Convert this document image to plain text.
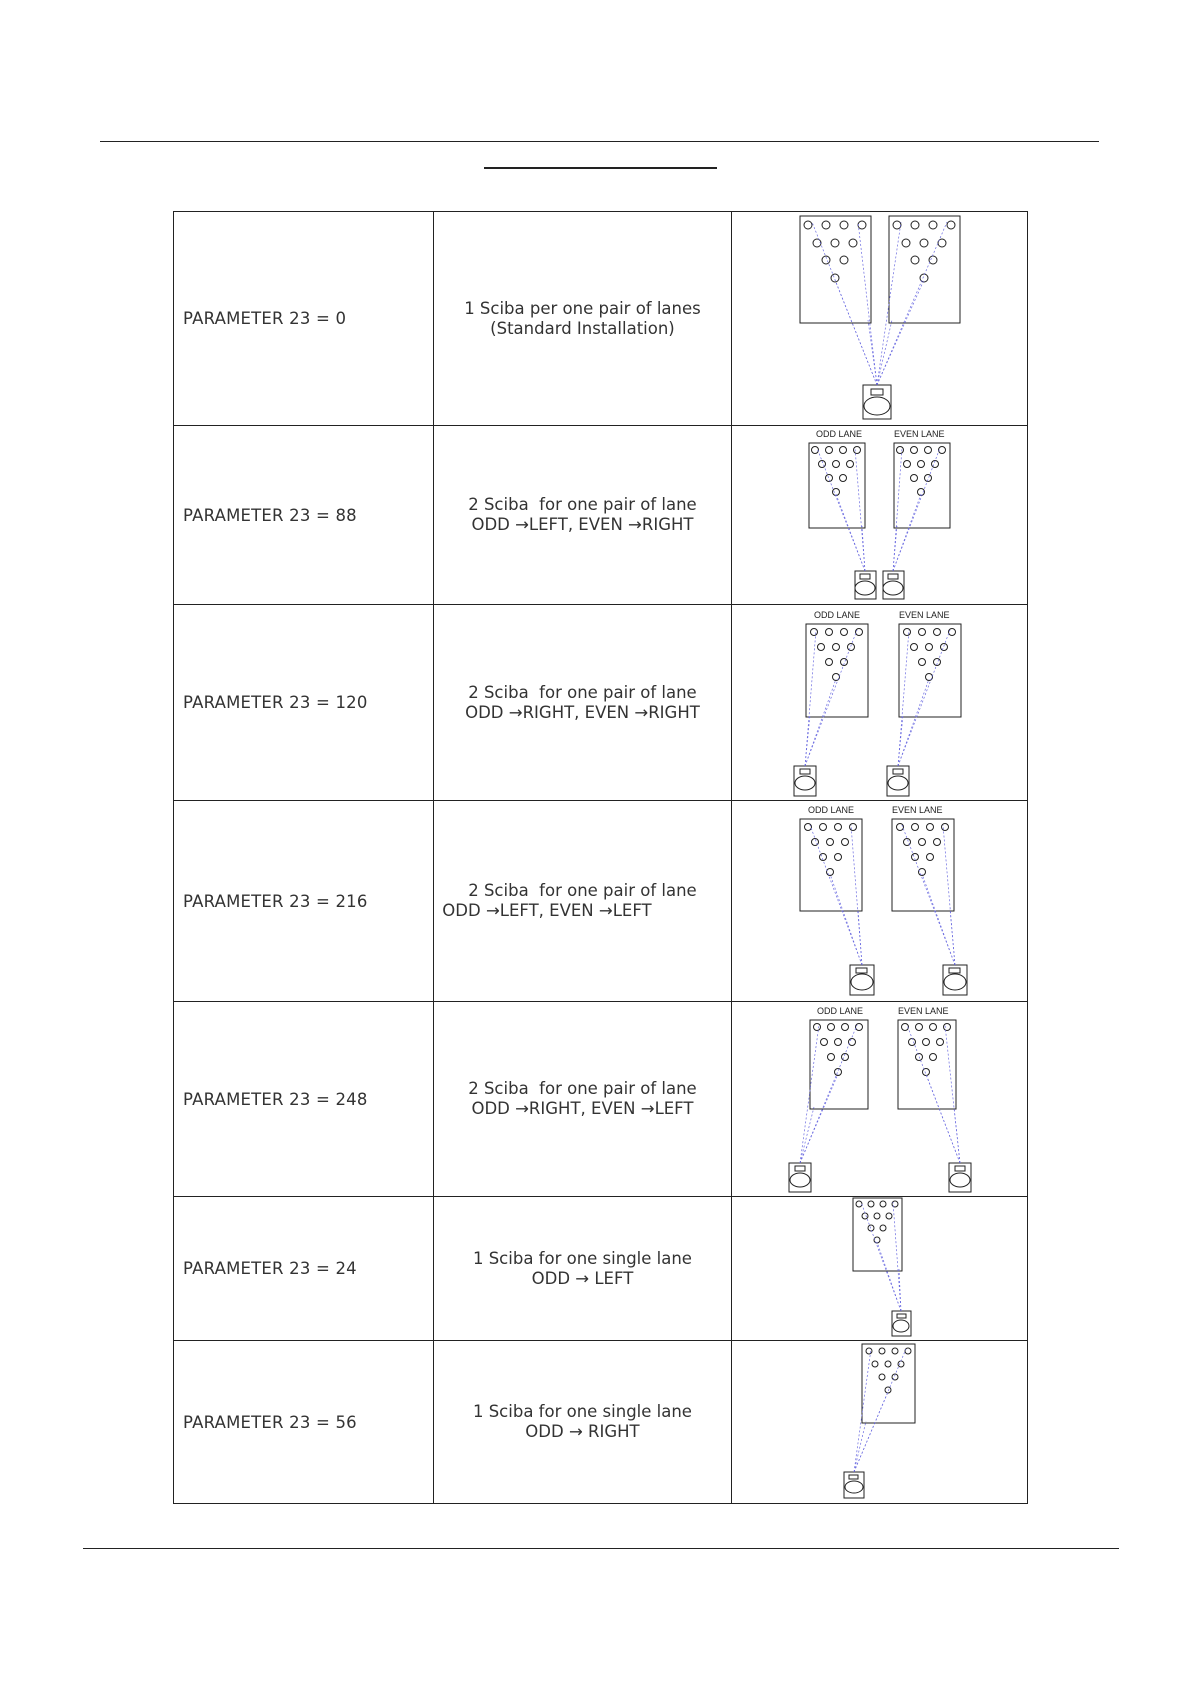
PARAMETER 23 = 0	1 Sciba per one pair of lanes
(Standard Installation)

PARAMETER 23 = 88	2 Sciba  for one pair of lane
ODD →LEFT, EVEN →RIGHT	ODD LANE EVEN LANE

PARAMETER 23 = 120	2 Sciba  for one pair of lane
ODD →RIGHT, EVEN →RIGHT	ODD LANE EVEN LANE

PARAMETER 23 = 216	2 Sciba  for one pair of lane
ODD →LEFT, EVEN →LEFT	ODD LANE EVEN LANE

PARAMETER 23 = 248	2 Sciba  for one pair of lane
ODD →RIGHT, EVEN →LEFT	ODD LANE EVEN LANE

PARAMETER 23 = 24	1 Sciba for one single lane
ODD → LEFT

PARAMETER 23 = 56	1 Sciba for one single lane
ODD → RIGHT
